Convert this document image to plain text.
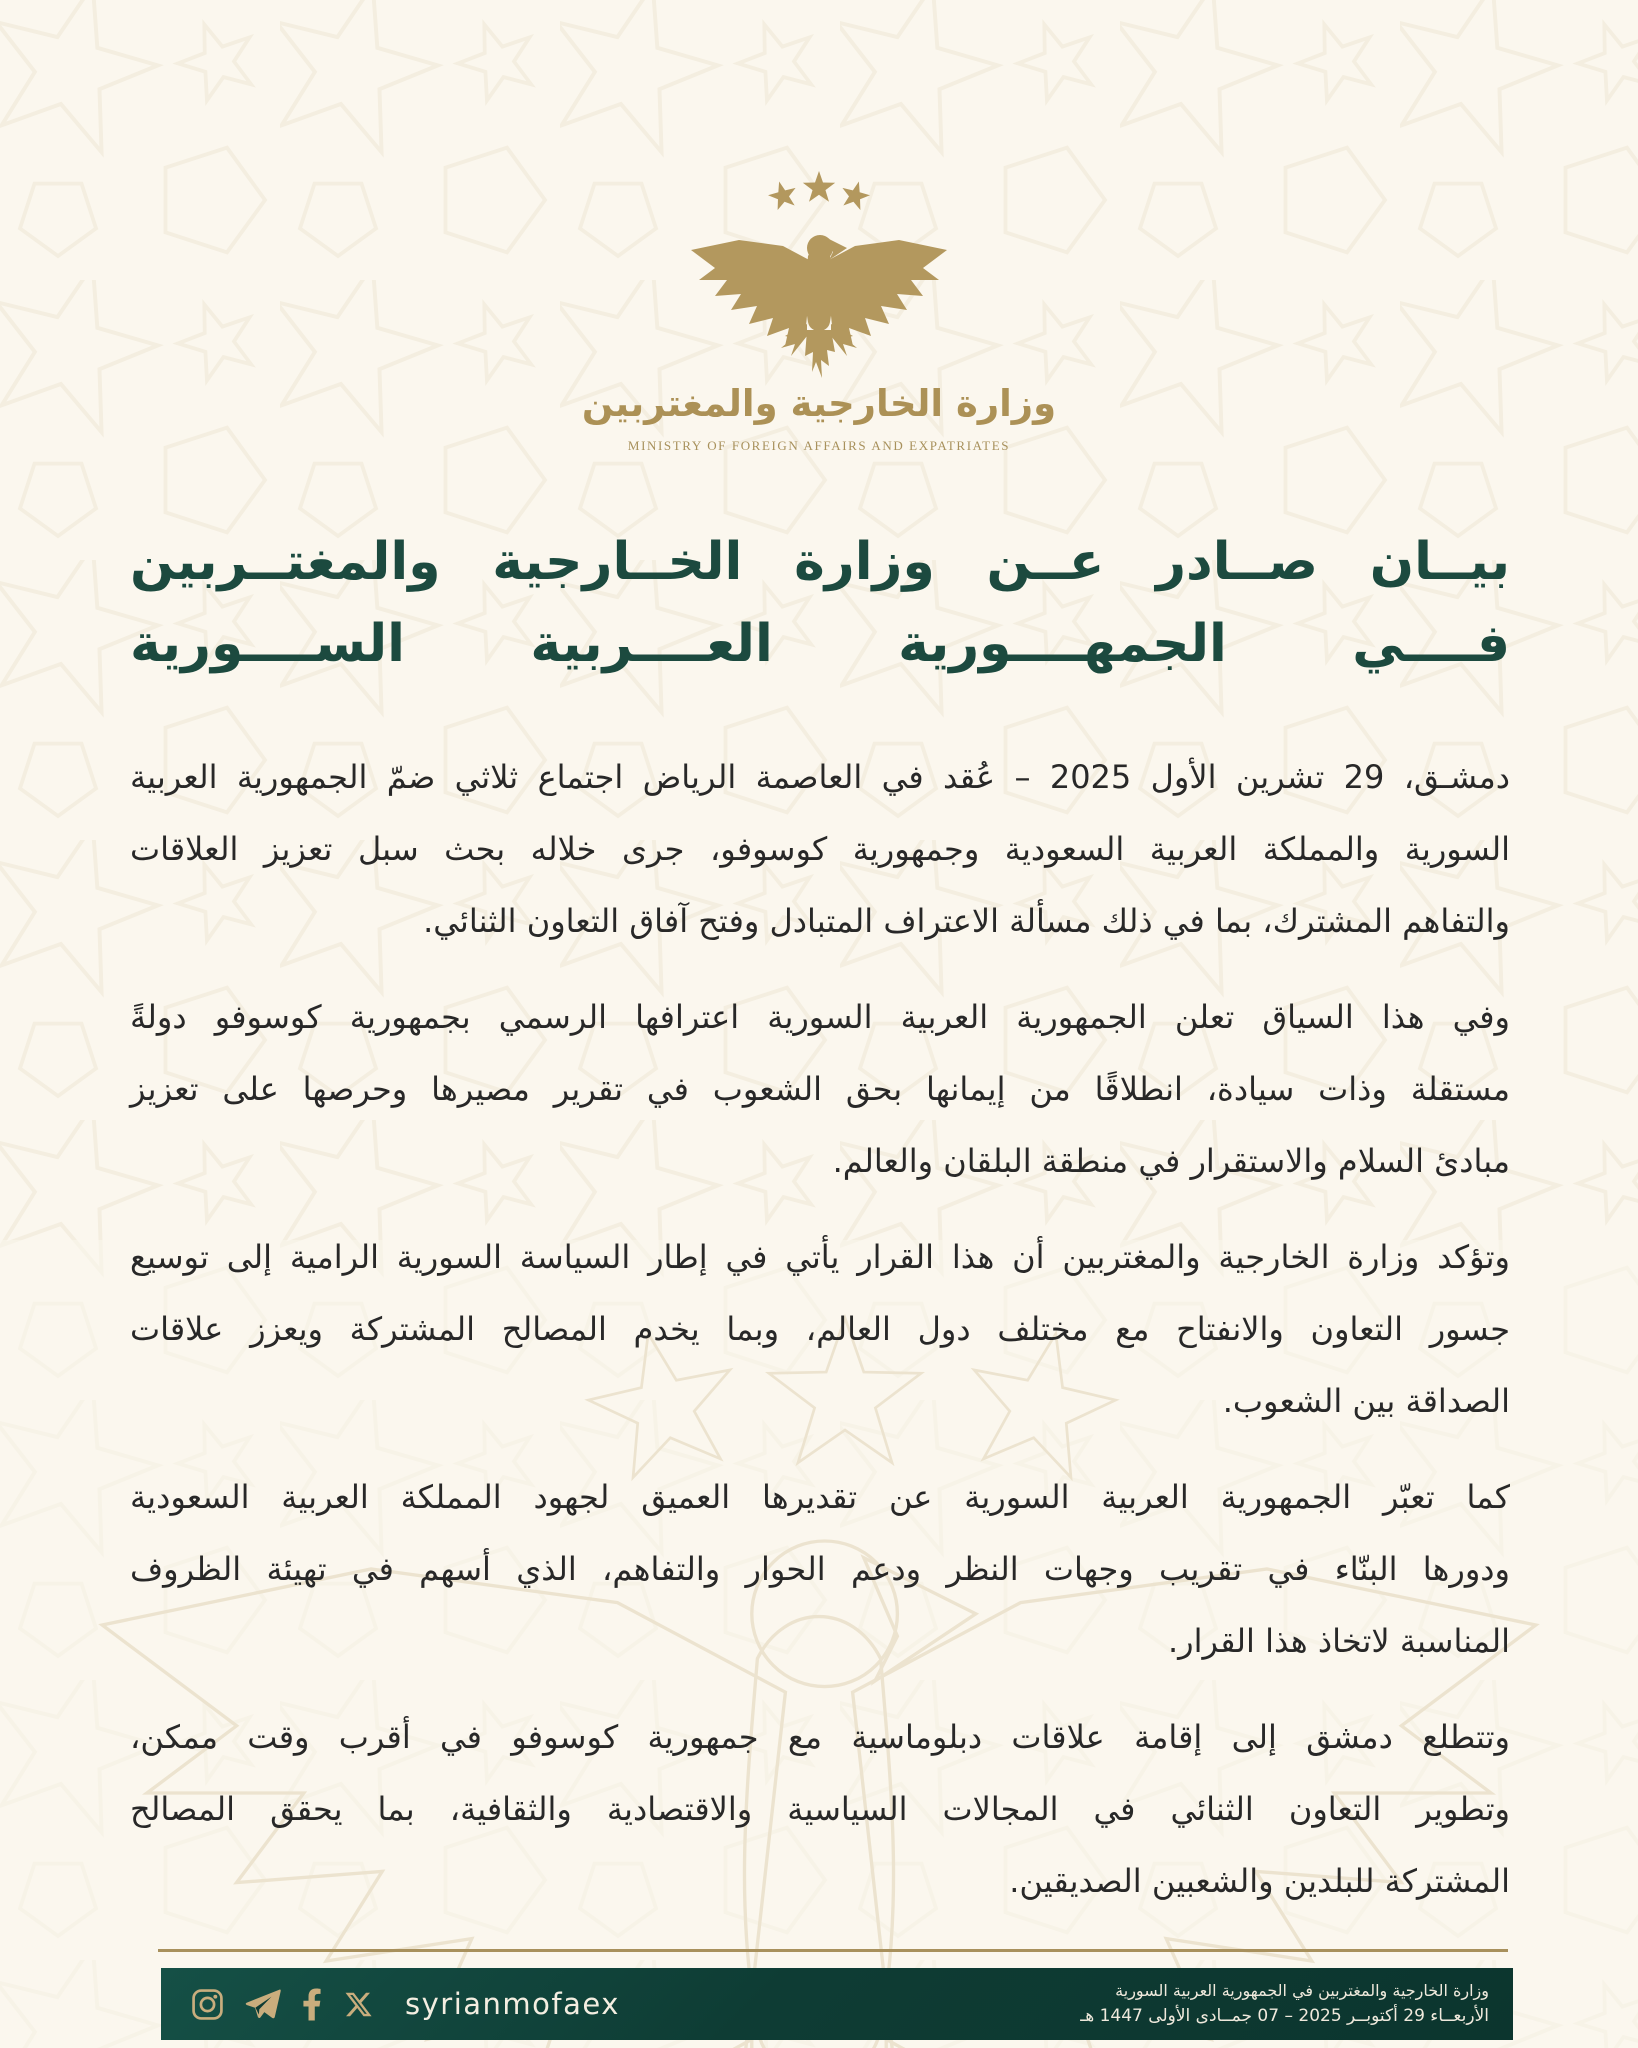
وزارة الخارجية والمغتربين
MINISTRY OF FOREIGN AFFAIRS AND EXPATRIATES
بيــان صــادر عــن وزارة الخــارجية والمغتــربين
فــــي الجمهــــورية العــــربية الســــورية

دمشـق، 29 تشرين الأول 2025 – عُقد في العاصمة الرياض اجتماع ثلاثي ضمّ الجمهورية العربية
السورية والمملكة العربية السعودية وجمهورية كوسوفو، جرى خلاله بحث سبل تعزيز العلاقات
والتفاهم المشترك، بما في ذلك مسألة الاعتراف المتبادل وفتح آفاق التعاون الثنائي.

وفي هذا السياق تعلن الجمهورية العربية السورية اعترافها الرسمي بجمهورية كوسوفو دولةً
مستقلة وذات سيادة، انطلاقًا من إيمانها بحق الشعوب في تقرير مصيرها وحرصها على تعزيز
مبادئ السلام والاستقرار في منطقة البلقان والعالم.

وتؤكد وزارة الخارجية والمغتربين أن هذا القرار يأتي في إطار السياسة السورية الرامية إلى توسيع
جسور التعاون والانفتاح مع مختلف دول العالم، وبما يخدم المصالح المشتركة ويعزز علاقات
الصداقة بين الشعوب.

كما تعبّر الجمهورية العربية السورية عن تقديرها العميق لجهود المملكة العربية السعودية
ودورها البنّاء في تقريب وجهات النظر ودعم الحوار والتفاهم، الذي أسهم في تهيئة الظروف
المناسبة لاتخاذ هذا القرار.

وتتطلع دمشق إلى إقامة علاقات دبلوماسية مع جمهورية كوسوفو في أقرب وقت ممكن،
وتطوير التعاون الثنائي في المجالات السياسية والاقتصادية والثقافية، بما يحقق المصالح
المشتركة للبلدين والشعبين الصديقين.

syrianmofaex	وزارة الخارجية والمغتربين في الجمهورية العربية السورية
الأربعــاء 29 أكتوبــر 2025 – 07 جمــادى الأولى 1447 هـ
